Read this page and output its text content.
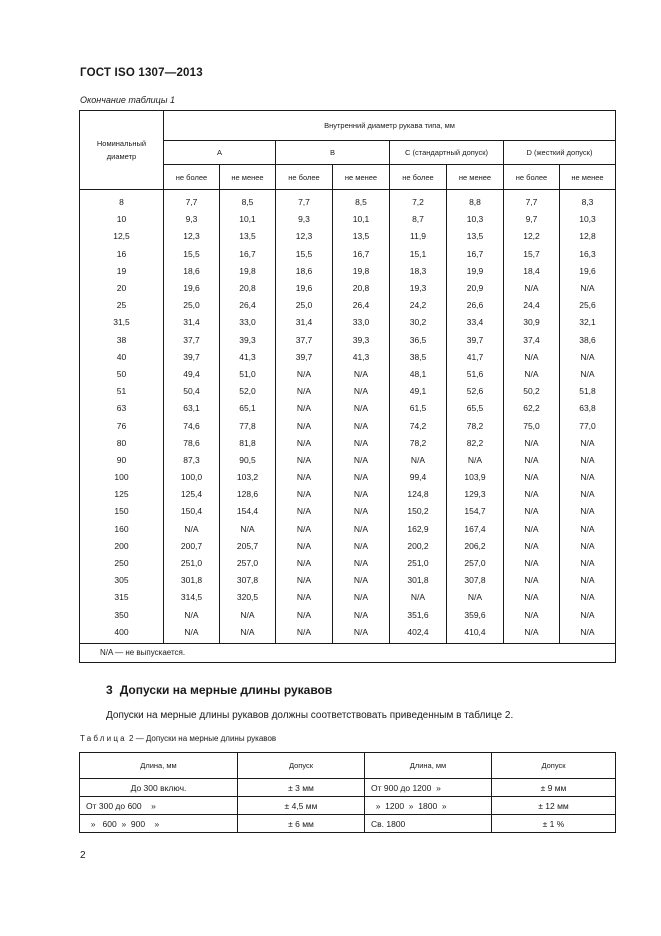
ГОСТ ISO 1307—2013
Окончание таблицы 1
Номинальный
диаметр	Внутренний диаметр рукава типа, мм							
	A		B		C (стандартный допуск)		D (жесткий допуск)	
	не более	не менее	не более	не менее	не более	не менее	не более	не менее
8	7,7	8,5	7,7	8,5	7,2	8,8	7,7	8,3
10	9,3	10,1	9,3	10,1	8,7	10,3	9,7	10,3
12,5	12,3	13,5	12,3	13,5	11,9	13,5	12,2	12,8
16	15,5	16,7	15,5	16,7	15,1	16,7	15,7	16,3
19	18,6	19,8	18,6	19,8	18,3	19,9	18,4	19,6
20	19,6	20,8	19,6	20,8	19,3	20,9	N/A	N/A
25	25,0	26,4	25,0	26,4	24,2	26,6	24,4	25,6
31,5	31,4	33,0	31,4	33,0	30,2	33,4	30,9	32,1
38	37,7	39,3	37,7	39,3	36,5	39,7	37,4	38,6
40	39,7	41,3	39,7	41,3	38,5	41,7	N/A	N/A
50	49,4	51,0	N/A	N/A	48,1	51,6	N/A	N/A
51	50,4	52,0	N/A	N/A	49,1	52,6	50,2	51,8
63	63,1	65,1	N/A	N/A	61,5	65,5	62,2	63,8
76	74,6	77,8	N/A	N/A	74,2	78,2	75,0	77,0
80	78,6	81,8	N/A	N/A	78,2	82,2	N/A	N/A
90	87,3	90,5	N/A	N/A	N/A	N/A	N/A	N/A
100	100,0	103,2	N/A	N/A	99,4	103,9	N/A	N/A
125	125,4	128,6	N/A	N/A	124,8	129,3	N/A	N/A
150	150,4	154,4	N/A	N/A	150,2	154,7	N/A	N/A
160	N/A	N/A	N/A	N/A	162,9	167,4	N/A	N/A
200	200,7	205,7	N/A	N/A	200,2	206,2	N/A	N/A
250	251,0	257,0	N/A	N/A	251,0	257,0	N/A	N/A
305	301,8	307,8	N/A	N/A	301,8	307,8	N/A	N/A
315	314,5	320,5	N/A	N/A	N/A	N/A	N/A	N/A
350	N/A	N/A	N/A	N/A	351,6	359,6	N/A	N/A
400	N/A	N/A	N/A	N/A	402,4	410,4	N/A	N/A
N/A — не выпускается.								
3 Допуски на мерные длины рукавов
Допуски на мерные длины рукавов должны соответствовать приведенным в таблице 2.
Таблица 2 — Допуски на мерные длины рукавов
Длина, мм	Допуск	Длина, мм	Допуск
До 300 включ.	± 3 мм	От 900 до 1200  »	± 9 мм
От 300 до 600    »	± 4,5 мм	»  1200  »  1800  »	± 12 мм
»   600  »  900    »	± 6 мм	Св. 1800	± 1 %
2
